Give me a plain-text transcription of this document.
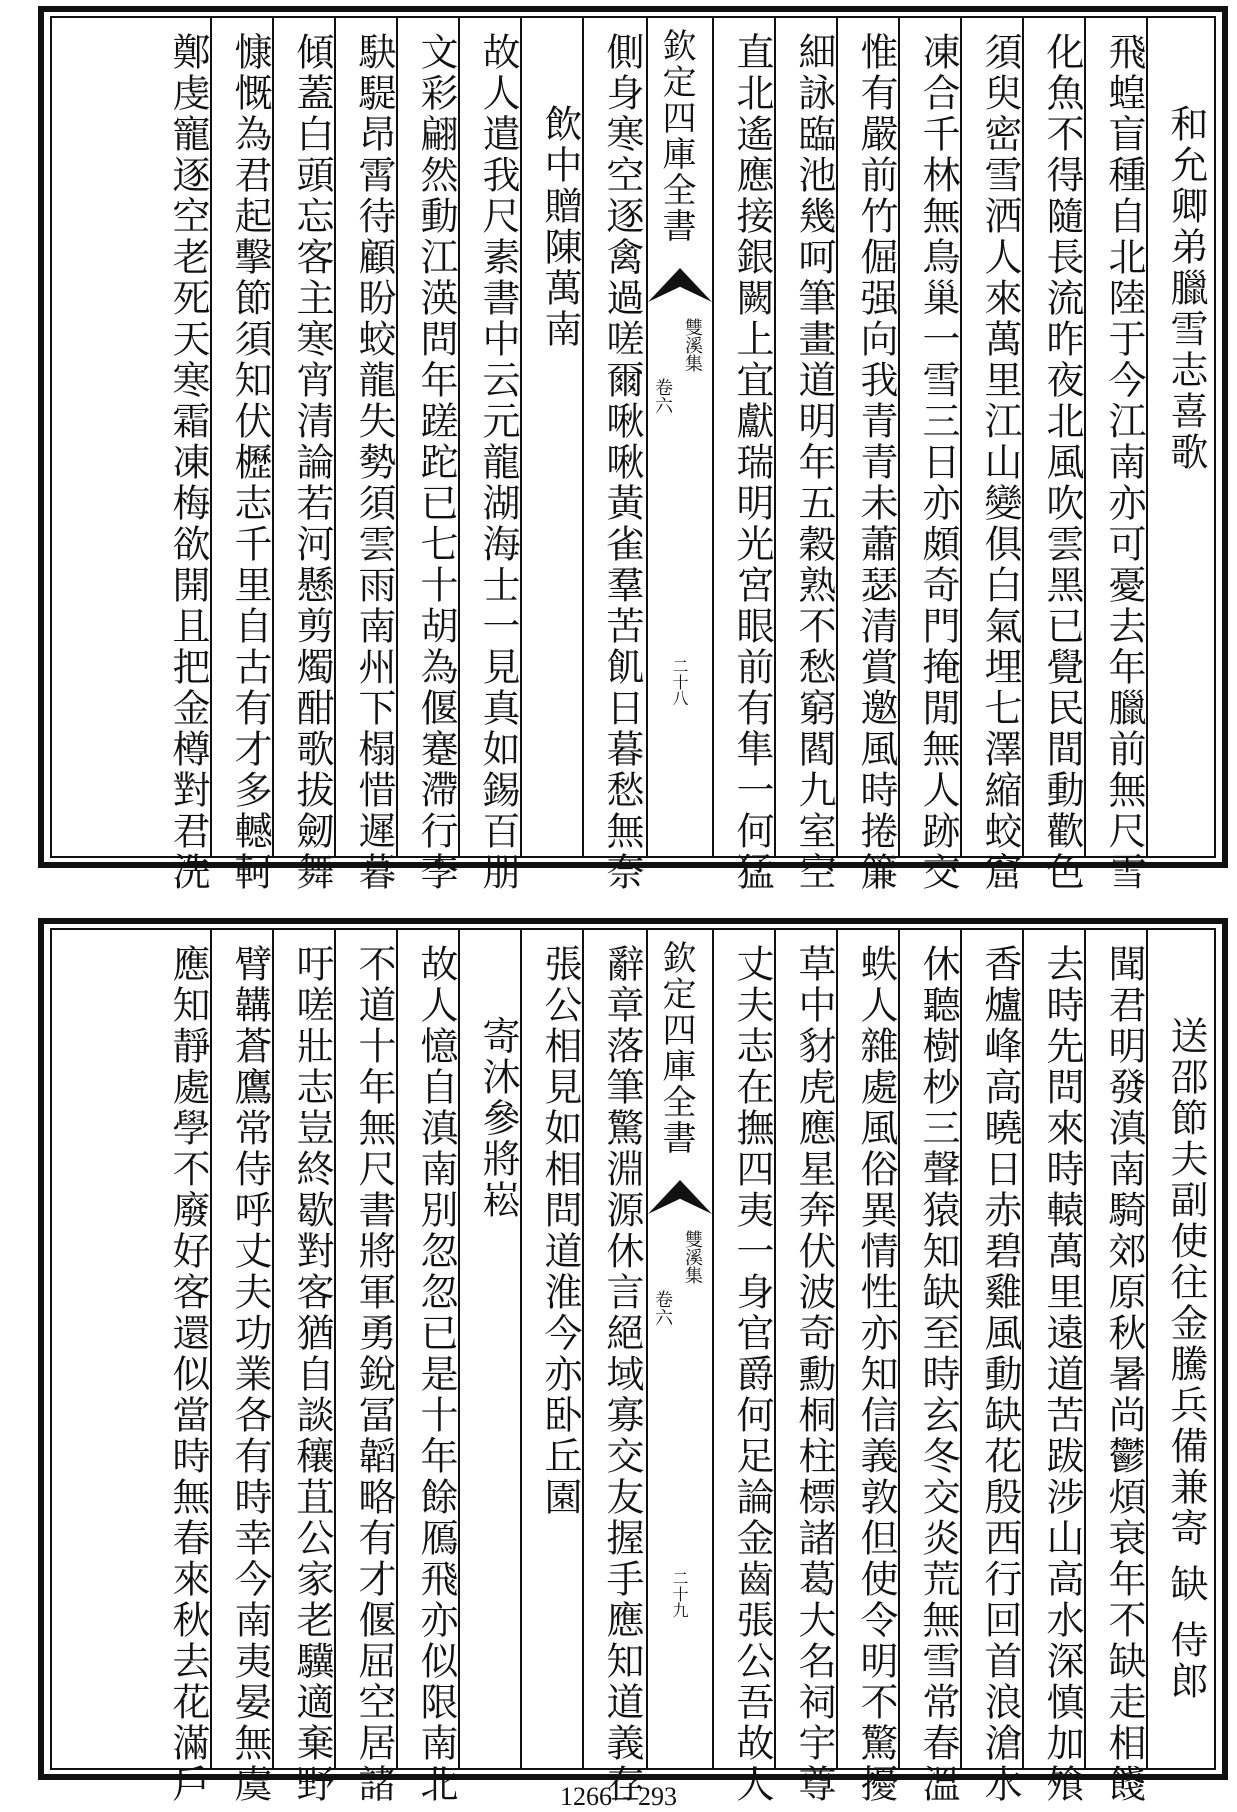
和允卿弟臘雪志喜歌
飛蝗盲種自北陸于今江南亦可憂去年臘前無尺雪
化魚不得隨長流昨夜北風吹雲黑已覺民間動歡色
須臾密雪洒人來萬里江山變俱白氣埋七澤縮蛟窟
凍合千林無鳥巢一雪三日亦頗奇門掩閒無人跡交
惟有嚴前竹倔强向我青青未蕭瑟清賞邀風時捲簾
細詠臨池幾呵筆畫道明年五穀熟不愁窮閻九室空
直北遙應接銀闕上宜獻瑞明光宮眼前有隼一何猛
欽定四庫全書
雙溪集
卷六
二十八
側身寒空逐禽過嗟爾啾啾黃雀羣苦飢日暮愁無奈
飲中贈陳萬南
故人遣我尺素書中云元龍湖海士一見真如錫百朋
文彩翩然動江渶問年蹉跎已七十胡為偃蹇滯行李
駃騠昂霄待顧盼蛟龍失勢須雲雨南州下榻惜遲暮
傾蓋白頭忘客主寒宵清論若河懸剪燭酣歌拔劒舞
慷慨為君起擊節須知伏櫪志千里自古有才多轗軻
鄭虔寵逐空老死天寒霜凍梅欲開且把金樽對君洗
送邵節夫副使往金騰兵備兼寄 缺 侍郎
聞君明發滇南騎郊原秋暑尚鬱煩衰年不缺走相餞
去時先問來時轅萬里遠道苦跋涉山高水深慎加飧
香爐峰高曉日赤碧雞風動缺花殷西行回首浪滄水
休聽樹杪三聲猿知缺至時玄冬交炎荒無雪常春溫
蛈人雜處風俗異情性亦知信義敦但使令明不驚擾
草中豺虎應星奔伏波奇勳桐柱標諸葛大名祠宇尊
丈夫志在撫四夷一身官爵何足論金齒張公吾故人
欽定四庫全書
雙溪集
卷六
二十九
辭章落筆驚淵源休言絕域寡交友握手應知道義存
張公相見如相問道淮今亦卧丘園
寄沐參將崧
故人憶自滇南別忽忽已是十年餘鴈飛亦似限南北
不道十年無尺書將軍勇銳冨韜略有才偃屈空居諸
吁嗟壯志豈終歇對客猶自談穰苴公家老驥適棄野
臂韝蒼鷹常侍呼丈夫功業各有時幸今南夷晏無虞
應知靜處學不廢好客還似當時無春來秋去花滿戶	1266—293
